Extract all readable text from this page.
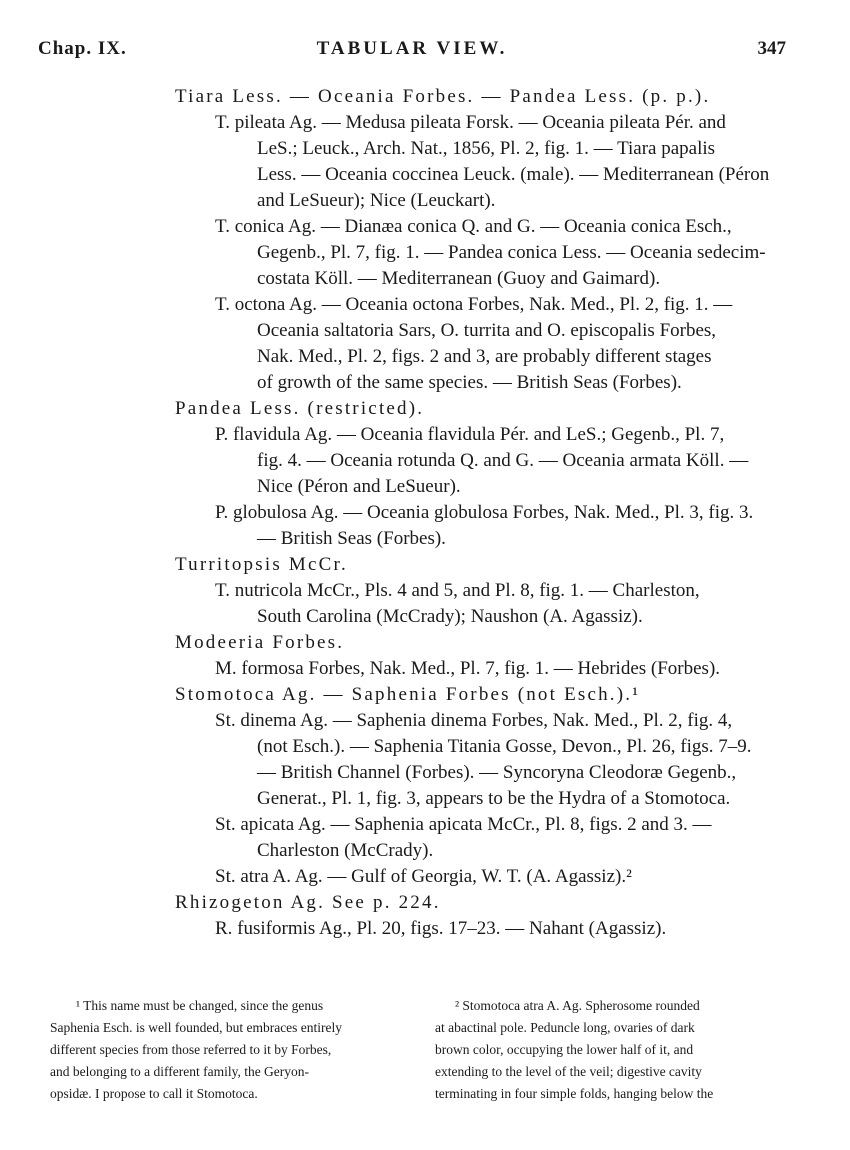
Chap. IX.	TABULAR VIEW.	347
Tiara Less. — Oceania Forbes. — Pandea Less. (p. p.).
T. pileata Ag. — Medusa pileata Forsk. — Oceania pileata Pér. and
LeS.; Leuck., Arch. Nat., 1856, Pl. 2, fig. 1. — Tiara papalis
Less. — Oceania coccinea Leuck. (male). — Mediterranean (Péron
and LeSueur); Nice (Leuckart).
T. conica Ag. — Dianæa conica Q. and G. — Oceania conica Esch.,
Gegenb., Pl. 7, fig. 1. — Pandea conica Less. — Oceania sedecim-
costata Köll. — Mediterranean (Guoy and Gaimard).
T. octona Ag. — Oceania octona Forbes, Nak. Med., Pl. 2, fig. 1. —
Oceania saltatoria Sars, O. turrita and O. episcopalis Forbes,
Nak. Med., Pl. 2, figs. 2 and 3, are probably different stages
of growth of the same species. — British Seas (Forbes).
Pandea Less. (restricted).
P. flavidula Ag. — Oceania flavidula Pér. and LeS.; Gegenb., Pl. 7,
fig. 4. — Oceania rotunda Q. and G. — Oceania armata Köll. —
Nice (Péron and LeSueur).
P. globulosa Ag. — Oceania globulosa Forbes, Nak. Med., Pl. 3, fig. 3.
— British Seas (Forbes).
Turritopsis McCr.
T. nutricola McCr., Pls. 4 and 5, and Pl. 8, fig. 1. — Charleston,
South Carolina (McCrady); Naushon (A. Agassiz).
Modeeria Forbes.
M. formosa Forbes, Nak. Med., Pl. 7, fig. 1. — Hebrides (Forbes).
Stomotoca Ag. — Saphenia Forbes (not Esch.).¹
St. dinema Ag. — Saphenia dinema Forbes, Nak. Med., Pl. 2, fig. 4,
(not Esch.). — Saphenia Titania Gosse, Devon., Pl. 26, figs. 7–9.
— British Channel (Forbes). — Syncoryna Cleodoræ Gegenb.,
Generat., Pl. 1, fig. 3, appears to be the Hydra of a Stomotoca.
St. apicata Ag. — Saphenia apicata McCr., Pl. 8, figs. 2 and 3. —
Charleston (McCrady).
St. atra A. Ag. — Gulf of Georgia, W. T. (A. Agassiz).²
Rhizogeton Ag. See p. 224.
R. fusiformis Ag., Pl. 20, figs. 17–23. — Nahant (Agassiz).
¹ This name must be changed, since the genus
Saphenia Esch. is well founded, but embraces entirely
different species from those referred to it by Forbes,
and belonging to a different family, the Geryon-
opsidæ. I propose to call it Stomotoca.
² Stomotoca atra A. Ag. Spherosome rounded
at abactinal pole. Peduncle long, ovaries of dark
brown color, occupying the lower half of it, and
extending to the level of the veil; digestive cavity
terminating in four simple folds, hanging below the
